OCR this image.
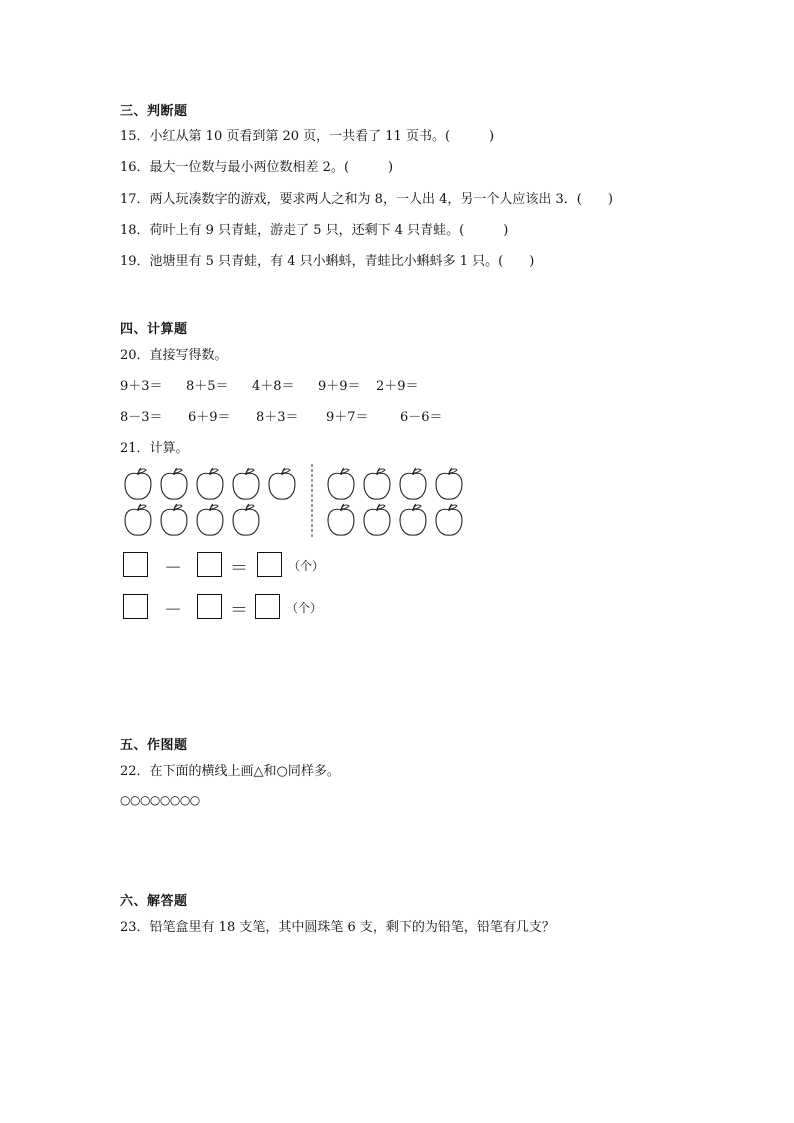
三、判断题
15．小红从第 10 页看到第 20 页，一共看了 11 页书。(　　　)
16．最大一位数与最小两位数相差 2。(　　　)
17．两人玩凑数字的游戏，要求两人之和为 8，一人出 4，另一个人应该出 3．(　　)
18．荷叶上有 9 只青蛙，游走了 5 只，还剩下 4 只青蛙。(　　　)
19．池塘里有 5 只青蛙，有 4 只小蝌蚪，青蛙比小蝌蚪多 1 只。(　　)
四、计算题
20．直接写得数。
9＋3＝ 8＋5＝ 4＋8＝ 9＋9＝ 2＋9＝
8－3＝ 6＋9＝ 8＋3＝ 9＋7＝ 6－6＝
21．计算。
－	＝	（个）
－	＝	（个）
五、作图题
22．在下面的横线上画△和○同样多。
○○○○○○○○
六、解答题
23．铅笔盒里有 18 支笔，其中圆珠笔 6 支，剩下的为铅笔，铅笔有几支？
